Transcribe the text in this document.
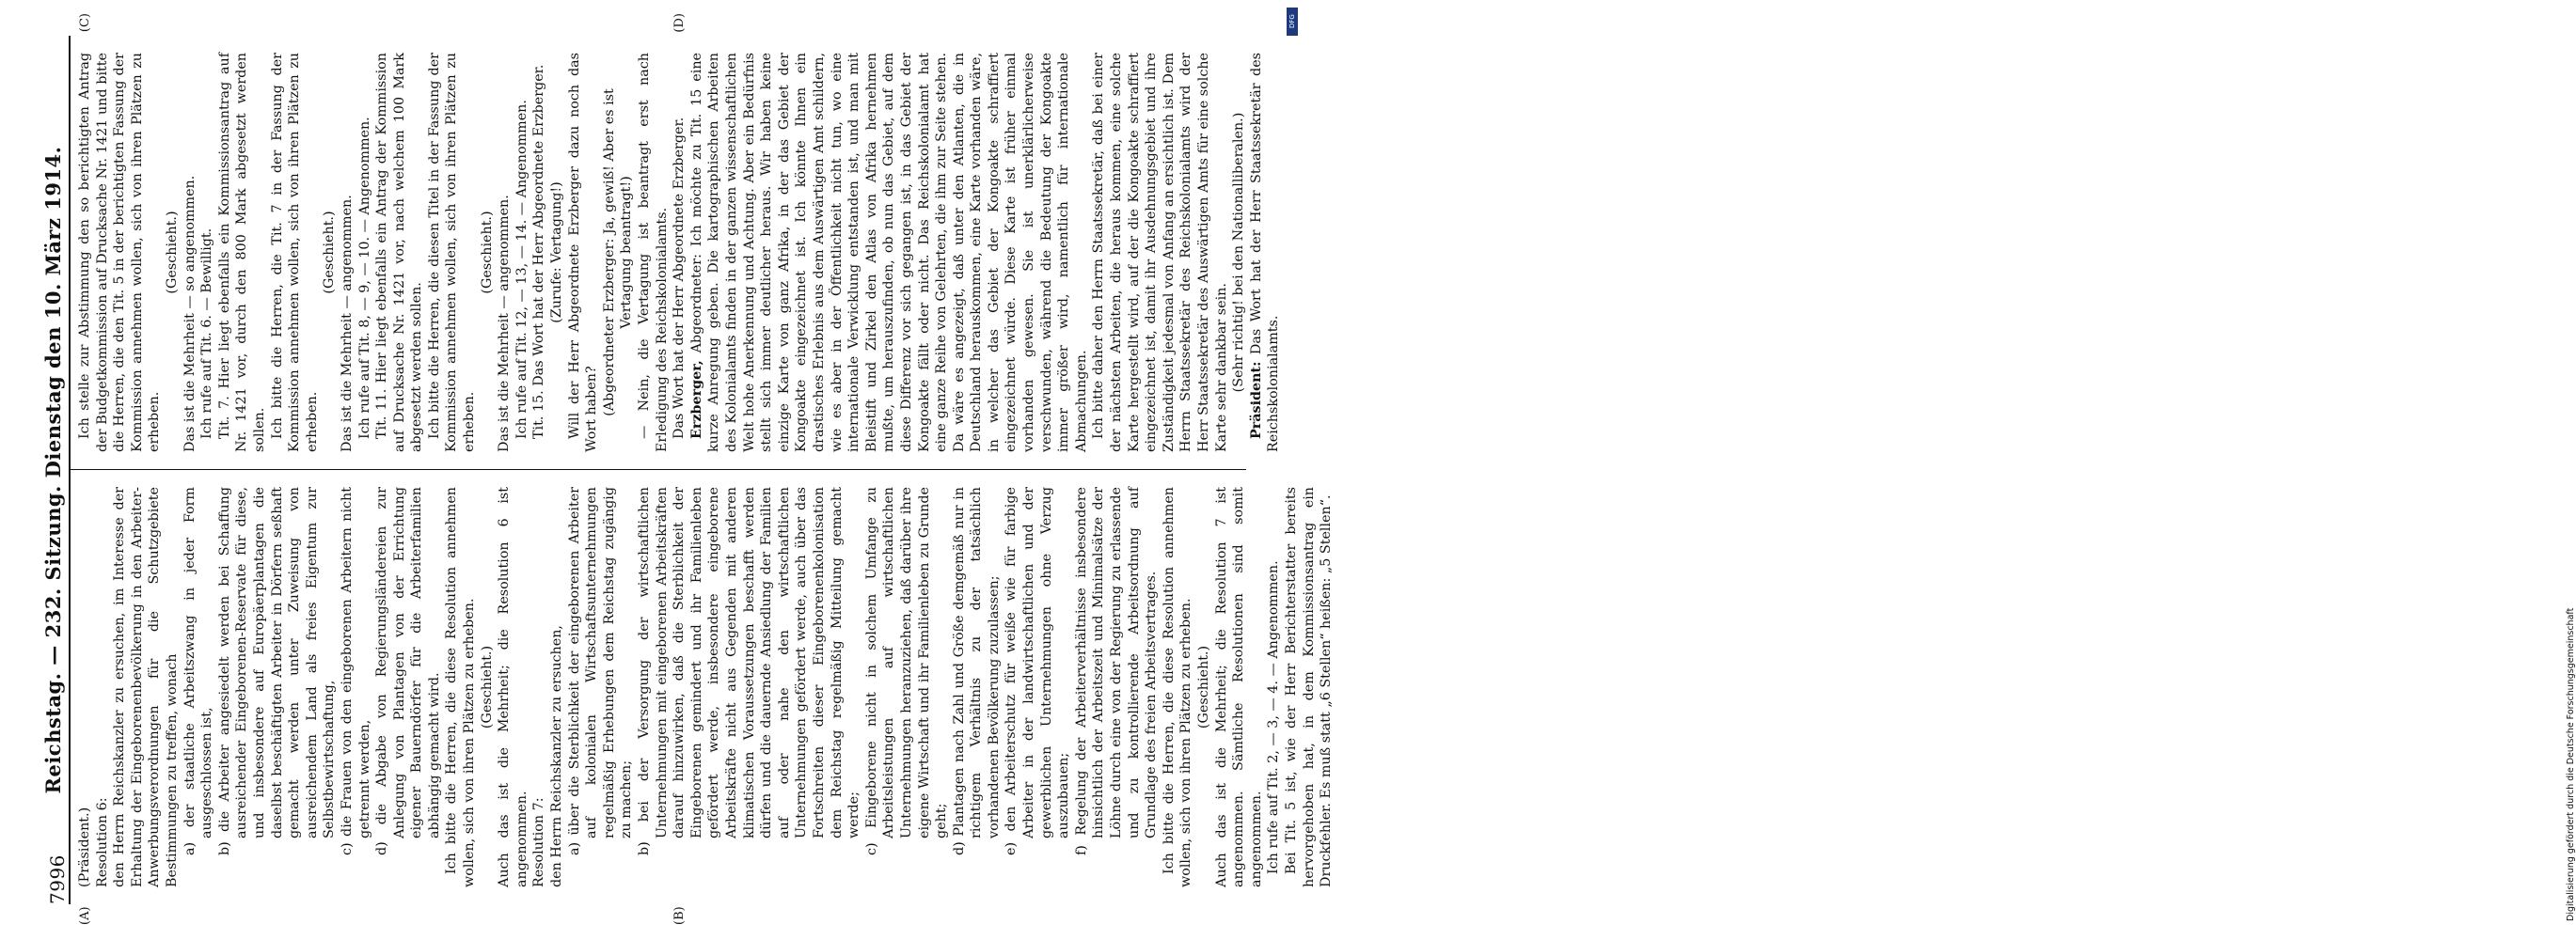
7996
Reichstag. — 232. Sitzung. Dienstag den 10. März 1914.
(A)	(B)

(Präsident.) Resolution 6: den Herrn Reichskanzler zu ersuchen, im Interesse der Erhaltung der Eingeborenenbevölkerung in den Arbeiter-Anwerbungsverordnungen für die Schutzgebiete Bestimmungen zu treffen, wonach a) der staatliche Arbeitszwang in jeder Form ausgeschlossen ist, b) die Arbeiter angesiedelt werden bei Schaffung ausreichender Eingeborenen-Reservate für diese, und insbesondere auf Europäerplantagen die daselbst beschäftigten Arbeiter in Dörfern seßhaft gemacht werden unter Zuweisung von ausreichendem Land als freies Eigentum zur Selbstbewirtschaftung, c) die Frauen von den eingeborenen Arbeitern nicht getrennt werden, d) die Abgabe von Regierungsländereien zur Anlegung von Plantagen von der Errichtung eigener Bauerndörfer für die Arbeiterfamilien abhängig gemacht wird. Ich bitte die Herren, die diese Resolution annehmen wollen, sich von ihren Plätzen zu erheben. (Geschieht.) Auch das ist die Mehrheit; die Resolution 6 ist angenommen. Resolution 7: den Herrn Reichskanzler zu ersuchen, a) über die Sterblichkeit der eingeborenen Arbeiter auf kolonialen Wirtschaftsunternehmungen regelmäßig Erhebungen dem Reichstag zugängig zu machen; b) bei der Versorgung der wirtschaftlichen Unternehmungen mit eingeborenen Arbeitskräften darauf hinzuwirken, daß die Sterblichkeit der Eingeborenen gemindert und ihr Familienleben gefördert werde, insbesondere eingeborene Arbeitskräfte nicht aus Gegenden mit anderen klimatischen Voraussetzungen beschafft werden dürfen und die dauernde Ansiedlung der Familien auf oder nahe den wirtschaftlichen Unternehmungen gefördert werde, auch über das Fortschreiten dieser Eingeborenenkolonisation dem Reichstag regelmäßig Mitteilung gemacht werde; c) Eingeborene nicht in solchem Umfange zu Arbeitsleistungen auf wirtschaftlichen Unternehmungen heranzuziehen, daß darüber ihre eigene Wirtschaft und ihr Familienleben zu Grunde geht; d) Plantagen nach Zahl und Größe demgemäß nur in richtigem Verhältnis zu der tatsächlich vorhandenen Bevölkerung zuzulassen; e) den Arbeiterschutz für weiße wie für farbige Arbeiter in der landwirtschaftlichen und der gewerblichen Unternehmungen ohne Verzug auszubauen; f) Regelung der Arbeiterverhältnisse insbesondere hinsichtlich der Arbeitszeit und Minimalsätze der Löhne durch eine von der Regierung zu erlassende und zu kontrollierende Arbeitsordnung auf Grundlage des freien Arbeitsvertrages. Ich bitte die Herren, die diese Resolution annehmen wollen, sich von ihren Plätzen zu erheben. (Geschieht.) Auch das ist die Mehrheit; die Resolution 7 ist angenommen. Sämtliche Resolutionen sind somit angenommen. Ich rufe auf Tit. 2, — 3, — 4. — Angenommen. Bei Tit. 5 ist, wie der Herr Berichterstatter bereits hervorgehoben hat, in dem Kommissionsantrag ein Druckfehler. Es muß statt „6 Stellen“ heißen: „5 Stellen“.

(C)	(D)

Ich stelle zur Abstimmung den so berichtigten Antrag der Budgetkommission auf Drucksache Nr. 1421 und bitte die Herren, die den Tit. 5 in der berichtigten Fassung der Kommission annehmen wollen, sich von ihren Plätzen zu erheben.

(Geschieht.) Das ist die Mehrheit — so angenommen. Ich rufe auf Tit. 6. — Bewilligt. Tit. 7. Hier liegt ebenfalls ein Kommissionsantrag auf Nr. 1421 vor, durch den 800 Mark abgesetzt werden sollen. Ich bitte die Herren, die Tit. 7 in der Fassung der Kommission annehmen wollen, sich von ihren Plätzen zu erheben.

(Geschieht.) Das ist die Mehrheit — angenommen. Ich rufe auf Tit. 8, — 9, — 10. — Angenommen. Tit. 11. Hier liegt ebenfalls ein Antrag der Kommission auf Drucksache Nr. 1421 vor, nach welchem 100 Mark abgesetzt werden sollen. Ich bitte die Herren, die diesen Titel in der Fassung der Kommission annehmen wollen, sich von ihren Plätzen zu erheben.

(Geschieht.) Das ist die Mehrheit — angenommen. Ich rufe auf Tit. 12, — 13, — 14. — Angenommen. Tit. 15. Das Wort hat der Herr Abgeordnete Erzberger. (Zurufe: Vertagung!) Will der Herr Abgeordnete Erzberger dazu noch das Wort haben? (Abgeordneter Erzberger: Ja, gewiß! Aber es ist Vertagung beantragt!) — Nein, die Vertagung ist beantragt erst nach Erledigung des Reichskolonialamts. Das Wort hat der Herr Abgeordnete Erzberger. Erzberger, Abgeordneter: Ich möchte zu Tit. 15 eine kurze Anregung geben. Die kartographischen Arbeiten des Kolonialamts finden in der ganzen wissenschaftlichen Welt hohe Anerkennung und Achtung. Aber ein Bedürfnis stellt sich immer deutlicher heraus. Wir haben keine einzige Karte von ganz Afrika, in der das Gebiet der Kongoakte eingezeichnet ist. Ich könnte Ihnen ein drastisches Erlebnis aus dem Auswärtigen Amt schildern, wie es aber in der Öffentlichkeit nicht tun, wo eine internationale Verwicklung entstanden ist, und man mit Bleistift und Zirkel den Atlas von Afrika hernehmen mußte, um herauszufinden, ob nun das Gebiet, auf dem diese Differenz vor sich gegangen ist, in das Gebiet der Kongoakte fällt oder nicht. Das Reichskolonialamt hat eine ganze Reihe von Gelehrten, die ihm zur Seite stehen. Da wäre es angezeigt, daß unter den Atlanten, die in Deutschland herauskommen, eine Karte vorhanden wäre, in welcher das Gebiet der Kongoakte schraffiert eingezeichnet würde. Diese Karte ist früher einmal vorhanden gewesen. Sie ist unerklärlicherweise verschwunden, während die Bedeutung der Kongoakte immer größer wird, namentlich für internationale Abmachungen. Ich bitte daher den Herrn Staatssekretär, daß bei einer der nächsten Arbeiten, die heraus kommen, eine solche Karte hergestellt wird, auf der die Kongoakte schraffiert eingezeichnet ist, damit ihr Ausdehnungsgebiet und ihre Zuständigkeit jedesmal von Anfang an ersichtlich ist. Dem Herrn Staatssekretär des Reichskolonialamts wird der Herr Staatssekretär des Auswärtigen Amts für eine solche Karte sehr dankbar sein. (Sehr richtig! bei den Nationalliberalen.)

Präsident: Das Wort hat der Herr Staatssekretär des Reichskolonialamts.

Digitalisierung gefördert durch die Deutsche Forschungsgemeinschaft
DFG
